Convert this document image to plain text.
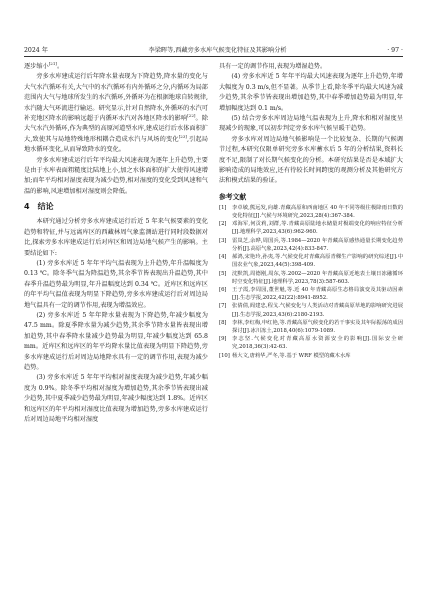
2024 年	李梁晖等,西藏旁多水库气候变化特征及其影响分析	· 97 ·

逐步缩小[21]。

旁多水库建成运行后年降水量表现为下降趋势,降水量的变化与大气水汽循环有关,大气中的水汽循环有内外循环之分,内循环为局部范围内大气与地球所发生的水汽循环,外循环为在根据地球自转规律,水汽随大气环流进行输运。研究显示,针对自然降水,外循环的水汽可补充地区降水的影响远超于内循环水汽对各地区降水的影响[22]。除大气水汽外循环,作为典型的高原河道型水库,建成运行后水体面积扩大,致使其与局地特殊地形相耦合造成水汽与风场的变化[23],引起局地水循环变化,从而导致降水的变化。

旁多水库建成运行后年平均最大风速表现为逐年上升趋势,主要是由于水库表面粗糙度比陆地上小,加之水体面积的扩大使得风速增加;而年平均相对湿度表现为减少趋势,相对湿度的变化受到风速和气温的影响,风速增加相对湿度则会降低。

4　结论

本研究通过分析旁多水库建成运行后近 5 年来气候要素的变化趋势和特征,并与远离库区的西藏林周气象监测站进行同时段数据对比,探索旁多水库建成运行后对库区和周边局地气候产生的影响。主要结论如下:

(1) 旁多水库近 5 年年平均气温表现为上升趋势,年升温幅度为 0.13 ℃。除冬季气温为降温趋势,其余季节皆表现出升温趋势,其中春季升温趋势最为明显,年升温幅度达到 0.34 ℃。近库区和远库区的年平均气温值表现为明显下降趋势,旁多水库建成运行后对周边局地气温具有一定的调节作用,表现为增温效应。

(2) 旁多水库近 5 年年降水量表现为下降趋势,年减少幅度为 47.5 mm。除夏季降水量为减少趋势,其余季节降水量皆表现出增加趋势,其中春季降水量减少趋势最为明显,年减少幅度达到 65.8 mm。近库区和远库区的年平均降水量比值表现为明显下降趋势,旁多水库建成运行后对周边局地降水具有一定的调节作用,表现为减少趋势。

(3) 旁多水库近 5 年年平均相对湿度表现为减少趋势,年减少幅度为 0.9%。除冬季平均相对湿度为增加趋势,其余季节皆表现出减少趋势,其中夏季减少趋势最为明显,年减少幅度达到 1.8%。近库区和远库区的年平均相对湿度比值表现为增加趋势,旁多水库建成运行后对周边局地平均相对湿度

具有一定的调节作用,表现为增湿趋势。

(4) 旁多水库近 5 年年平均最大风速表现为逐年上升趋势,年增大幅度为 0.3 m/s,但不显著。从季节上看,除冬季平均最大风速为减少趋势,其余季节皆表现出增加趋势,其中春季增加趋势最为明显,年增加幅度达到 0.1 m/s。

(5) 结合旁多水库周边局地气温表现为上升,降水和相对湿度呈现减少的现象,可以初步判定旁多水库气候呈暖干趋势。

旁多水库对周边局地气候影响是一个比较复杂、长期的气候调节过程,本研究仅限单研究旁多水库蓄水后 5 年的分析结果,资料长度不足,限制了对长期气候变化的分析。本研究结果是否是本域扩大影响造成的局地效应,还有待较长时间跨度的观测分析及其他研究方法和模式结果的验证。

参考文献
[1]	李卓敏,熊远发,向雄.青藏高原和西南地区 40 年不同等级往极降雨日数的变化特征[J].气候与环境研究,2023,28(4):367-384.
[2]	邓海军,何贡莉,刘群,等.青藏高原陆地水储量对极端变化的响应特征分析[J].地理科学,2023,43(6):962-960.
[3]	雷岚芝,余晔,周国兵,等.1984—2020 年青藏高原感热通量长期变化趋势分析[J].高原气象,2023,42(4):833-847.
[4]	郝鸿,宋艳玲,孙夷,等.气候变化对青藏高原青稞生产影响的研究综述[J].中国农业气象,2023,44(5):398-409.
[5]	沈默凯,周德刚,周东,等.2002—2020 年青藏高原近地表土壤日冻融循环时空变化特征[J].地理科学,2023,78(3):587-603.
[6]	王子霞,李周园,董世魁,等.近 40 年青藏高原生态格局演变及其驱动因素[J].生态学报,2022,42(22):8941-8952.
[7]	张倩倩,阎建忠,程戈.气候变化与人类活动对青藏高原草地的影响研究进展[J].生态学报,2023,43(6):2180-2193.
[8]	李林,李红梅,申红艳,等.青藏高原气候变化的若干事实及其年际振荡的成因探讨[J].冰川冻土,2018,40(6):1079-1089.
[9]	李志坚.气候变化对青藏高原水资源安全的影响[J].国际安全研究,2018,36(3):42-63.
[10] 杨大文,唐莉华,严冬,等.基于 WRF 模型的藏木水库
